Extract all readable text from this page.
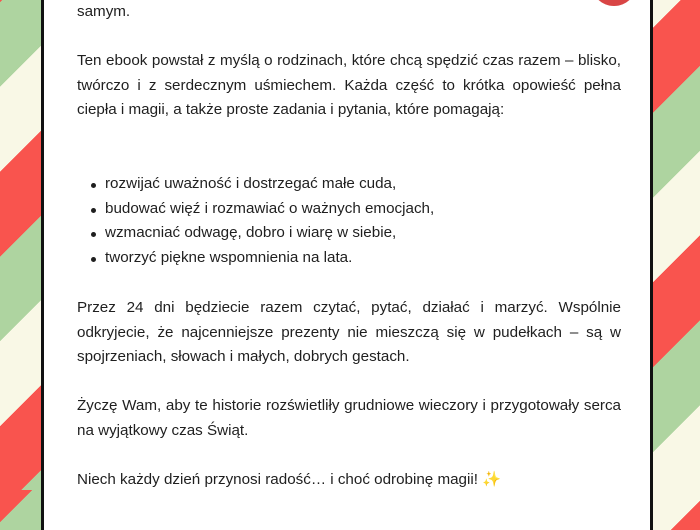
samym.

Ten ebook powstał z myślą o rodzinach, które chcą spędzić czas razem – blisko, twórczo i z serdecznym uśmiechem. Każda część to krótka opowieść pełna ciepła i magii, a także proste zadania i pytania, które pomagają:

rozwijać uważność i dostrzegać małe cuda,
budować więź i rozmawiać o ważnych emocjach,
wzmacniać odwagę, dobro i wiarę w siebie,
tworzyć piękne wspomnienia na lata.

Przez 24 dni będziecie razem czytać, pytać, działać i marzyć. Wspólnie odkryjecie, że najcenniejsze prezenty nie mieszczą się w pudełkach – są w spojrzeniach, słowach i małych, dobrych gestach.

Życzę Wam, aby te historie rozświetliły grudniowe wieczory i przygotowały serca na wyjątkowy czas Świąt.

Niech każdy dzień przynosi radość… i choć odrobinę magii! ✨
